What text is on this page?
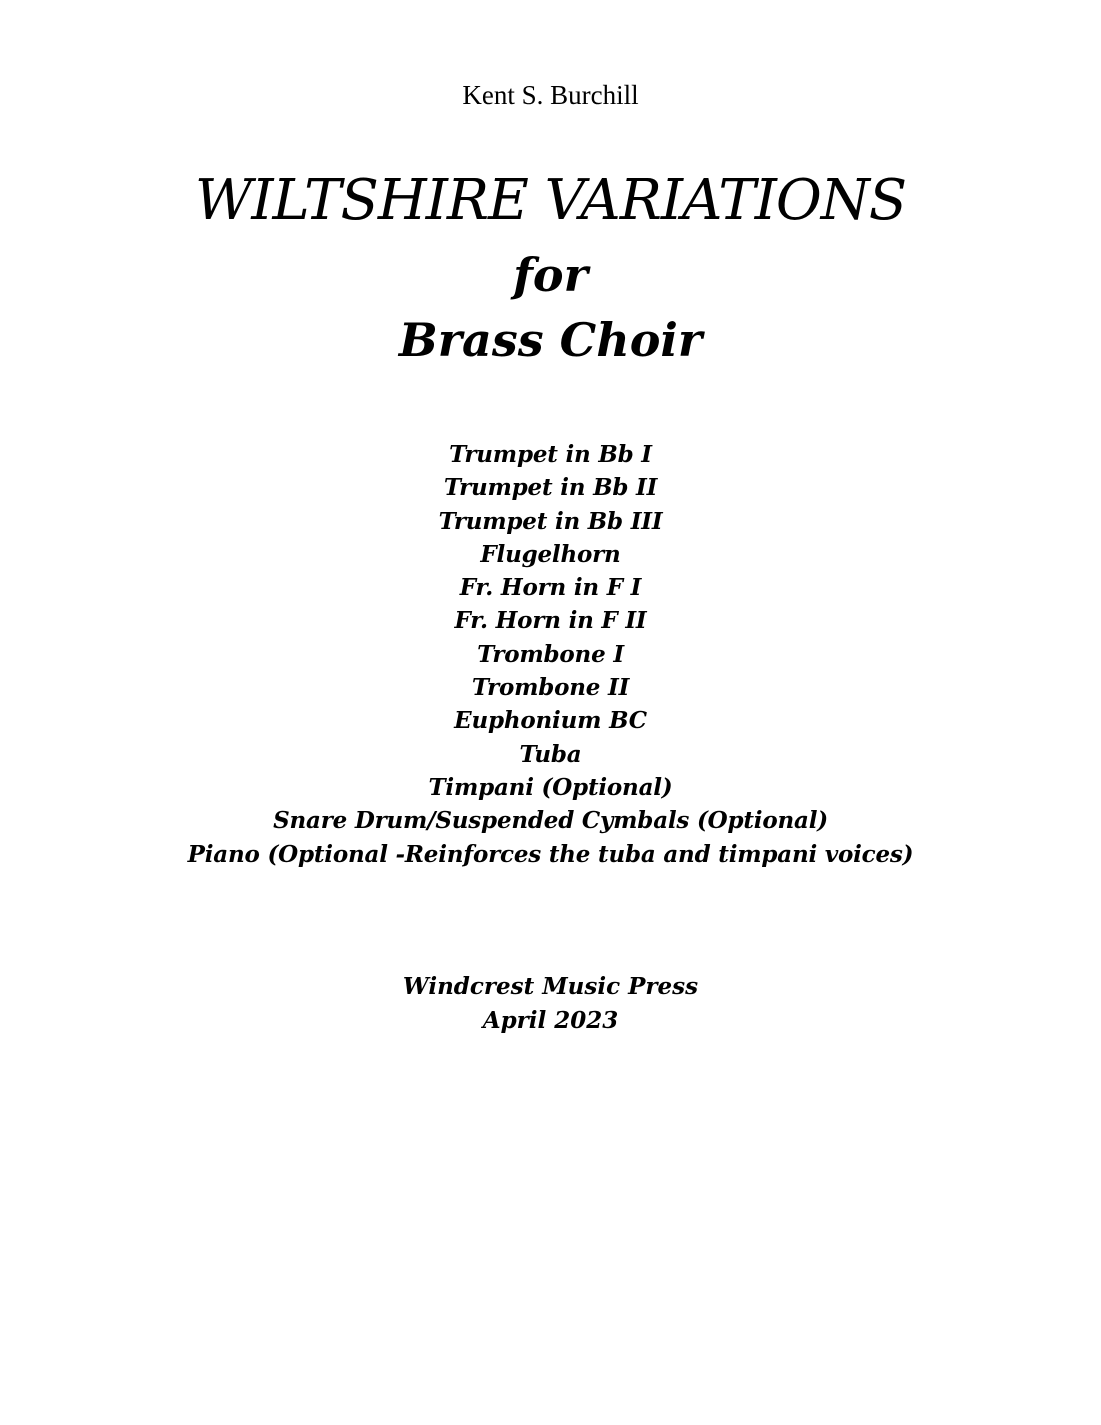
Kent S. Burchill
WILTSHIRE VARIATIONS
for
Brass Choir
Trumpet in Bb I
Trumpet in Bb II
Trumpet in Bb III
Flugelhorn
Fr. Horn in F I
Fr. Horn in F II
Trombone I
Trombone II
Euphonium BC
Tuba
Timpani (Optional)
Snare Drum/Suspended Cymbals (Optional)
Piano (Optional -Reinforces the tuba and timpani voices)
Windcrest Music Press
April 2023
